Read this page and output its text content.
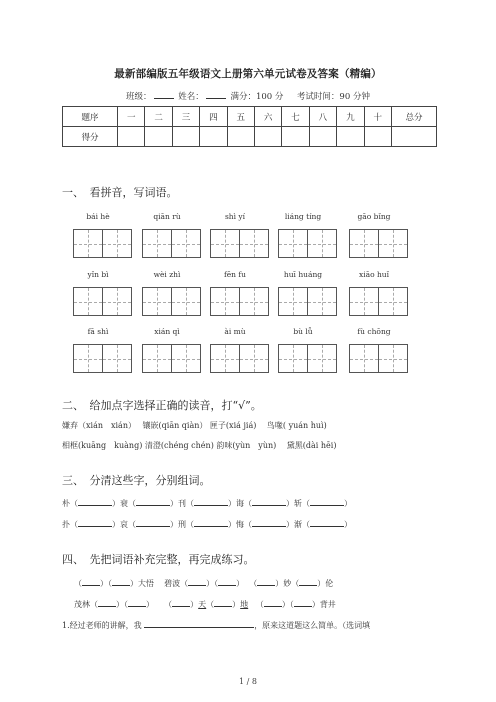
最新部编版五年级语文上册第六单元试卷及答案（精编）
班级：	姓名：	满分：100 分 考试时间：90 分钟
题序	一	二	三	四	五	六	七	八	九	十	总分
得分											
一、　看拼音，写词语。
bái hè	qiān rù	shì yí	liáng tíng	gāo bǐng
yǐn bì	wèi zhì	fēn fu	huī huáng	xiāo huǐ
fā shì	xián qì	ài mù	bù lǚ	fù chōng
二、　给加点字选择正确的读音，打“√”。
嫌弃（xián　xián）　 镶嵌(qiān qiàn） 匣子(xiá jiá)　 鸟喙( yuán huì)
相框(kuāng　kuàng) 清澄(chéng chén) 韵味(yùn　yùn)　 黛黑(dài hēi)
三、　分清这些字，分别组词。
朴（	）衰（	）刊（	）诲（	）斩（	）
扑（	）哀（	）刑（	）悔（	）渐（	）
四、　先把词语补充完整，再完成练习。
（ ）（ ）大悟 碧波（ ）（ ）  （ ）妙（ ）伦
茂林（ ）（ ）    （ ）天（ ）地   （ ）（ ）背井
1.经过老师的讲解，我	，原来这道题这么简单。（选词填
1 / 8
